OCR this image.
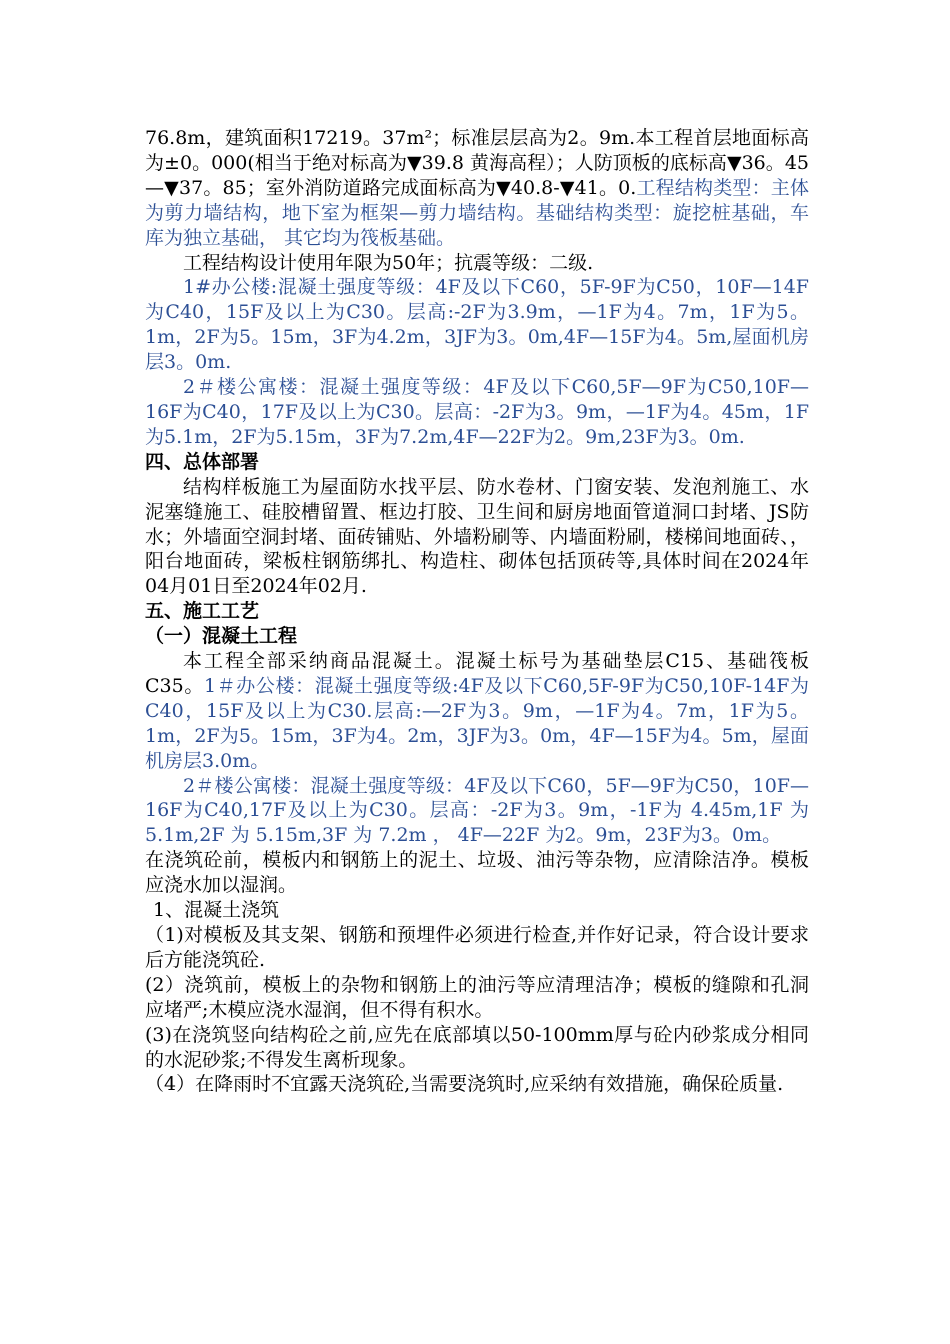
76.8m，建筑面积17219。37m²；标准层层高为2。9m.本工程首层地面标高为±0。000(相当于绝对标高为▼39.8 黄海高程）；人防顶板的底标高▼36。45—▼37。85；室外消防道路完成面标高为▼40.8-▼41。0.工程结构类型：主体为剪力墙结构，地下室为框架—剪力墙结构。基础结构类型：旋挖桩基础，车库为独立基础， 其它均为筏板基础。

工程结构设计使用年限为50年；抗震等级：二级.

1#办公楼:混凝土强度等级：4F及以下C60，5F-9F为C50，10F—14F为C40，15F及以上为C30。层高:-2F为3.9m，—1F为4。7m，1F为5。1m，2F为5。15m，3F为4.2m，3JF为3。0m,4F—15F为4。5m,屋面机房层3。0m.

2＃楼公寓楼：混凝土强度等级：4F及以下C60,5F—9F为C50,10F—16F为C40，17F及以上为C30。层高：-2F为3。9m，—1F为4。45m，1F为5.1m，2F为5.15m，3F为7.2m,4F—22F为2。9m,23F为3。0m.

四、总体部署

结构样板施工为屋面防水找平层、防水卷材、门窗安装、发泡剂施工、水泥塞缝施工、硅胶槽留置、框边打胶、卫生间和厨房地面管道洞口封堵、JS防水；外墙面空洞封堵、面砖铺贴、外墙粉刷等、内墙面粉刷，楼梯间地面砖、，阳台地面砖，梁板柱钢筋绑扎、构造柱、砌体包括顶砖等,具体时间在2024年04月01日至2024年02月.

五、施工工艺

（一）混凝土工程

本工程全部采纳商品混凝土。混凝土标号为基础垫层C15、基础筏板C35。1＃办公楼：混凝土强度等级:4F及以下C60,5F-9F为C50,10F-14F为C40，15F及以上为C30.层高:—2F为3。9m，—1F为4。7m，1F为5。1m，2F为5。15m，3F为4。2m，3JF为3。0m，4F—15F为4。5m，屋面机房层3.0m。

2＃楼公寓楼：混凝土强度等级：4F及以下C60，5F—9F为C50，10F—16F为C40,17F及以上为C30。层高：-2F为3。9m，-1F为 4.45m,1F 为 5.1m,2F 为 5.15m,3F 为 7.2m ， 4F—22F 为2。9m，23F为3。0m。

在浇筑砼前，模板内和钢筋上的泥土、垃圾、油污等杂物，应清除洁净。模板应浇水加以湿润。

1、混凝土浇筑

（1)对模板及其支架、钢筋和预埋件必须进行检查,并作好记录，符合设计要求后方能浇筑砼.

(2）浇筑前，模板上的杂物和钢筋上的油污等应清理洁净；模板的缝隙和孔洞应堵严;木模应浇水湿润，但不得有积水。

(3)在浇筑竖向结构砼之前,应先在底部填以50-100mm厚与砼内砂浆成分相同的水泥砂浆;不得发生离析现象。

（4）在降雨时不宜露天浇筑砼,当需要浇筑时,应采纳有效措施，确保砼质量.
